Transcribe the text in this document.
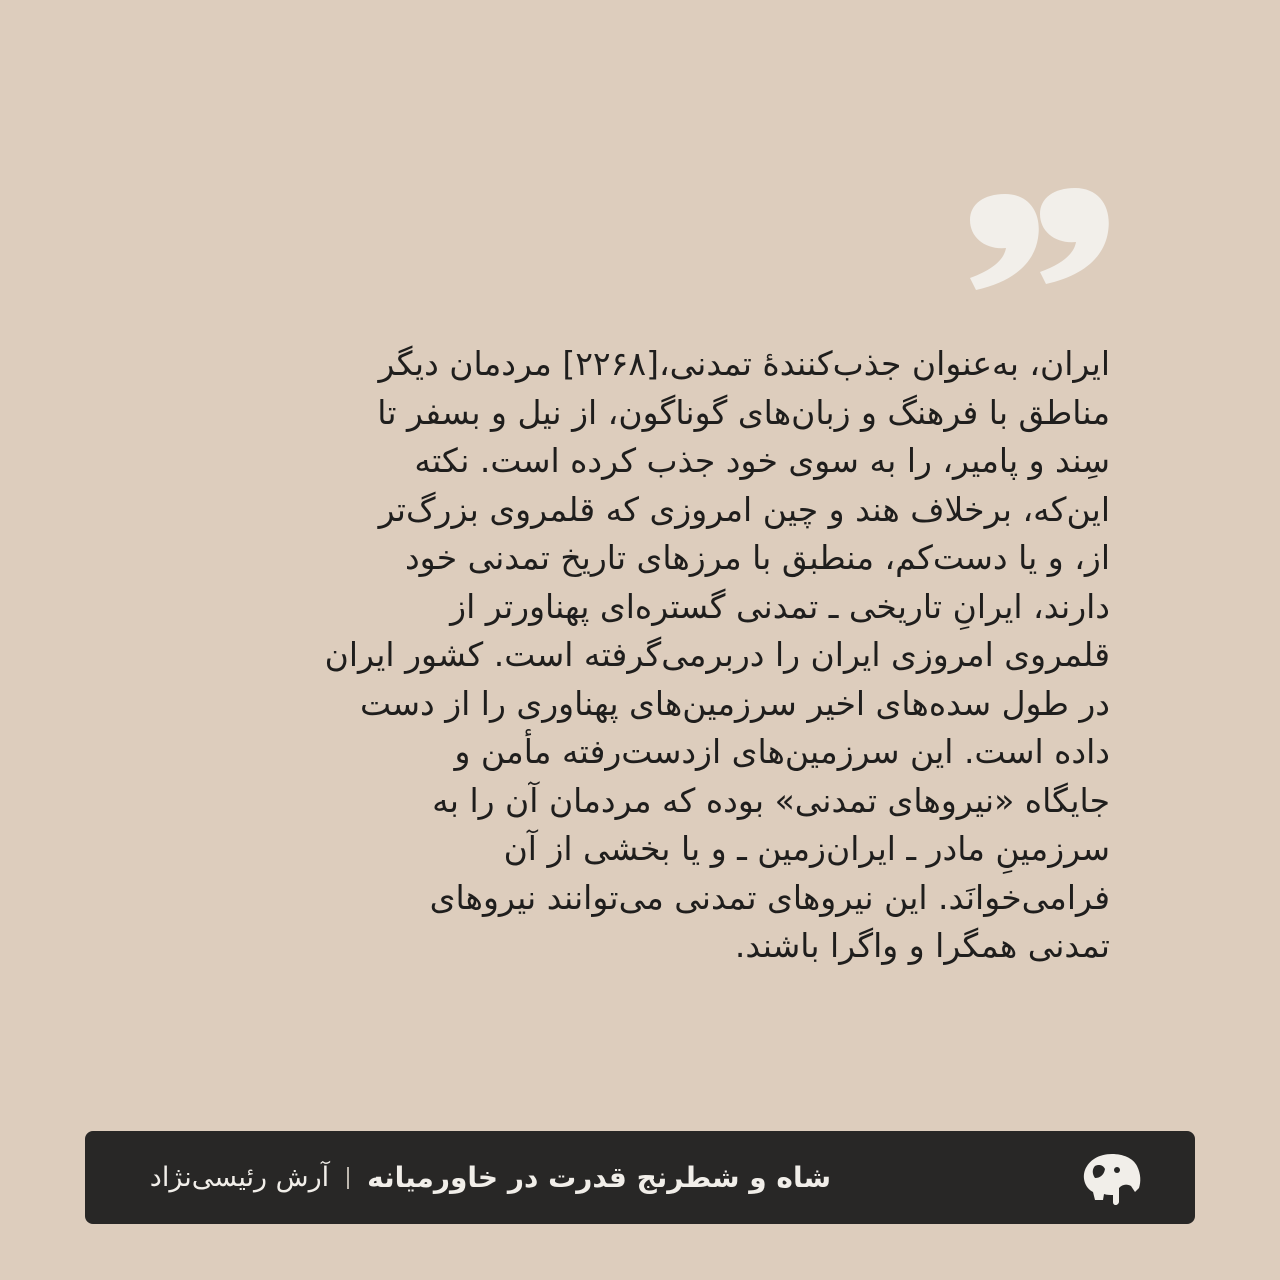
ایران، به‌عنوان جذب‌کنندهٔ تمدنی،[۲۲۶۸] مردمان دیگر
مناطق با فرهنگ و زبان‌های گوناگون، از نیل و بسفر تا
سِند و پامیر، را به سوی خود جذب کرده است. نکته
این‌که، برخلاف هند و چین امروزی که قلمروی بزرگ‌تر
از، و یا دست‌کم، منطبق با مرزهای تاریخ تمدنی خود
دارند، ایرانِ تاریخی ـ تمدنی گستره‌ای پهناورتر از
قلمروی امروزی ایران را دربرمی‌گرفته است. کشور ایران
در طول سده‌های اخیر سرزمین‌های پهناوری را از دست
داده است. این سرزمین‌های ازدست‌رفته مأمن و
جایگاه «نیروهای تمدنی» بوده که مردمان آن را به
سرزمینِ مادر ـ ایران‌زمین ـ و یا بخشی از آن
فرامی‌خوانَد. این نیروهای تمدنی می‌توانند نیروهای
تمدنی همگرا و واگرا باشند.
شاه و شطرنج قدرت در خاورمیانه
آرش رئیسی‌نژاد
